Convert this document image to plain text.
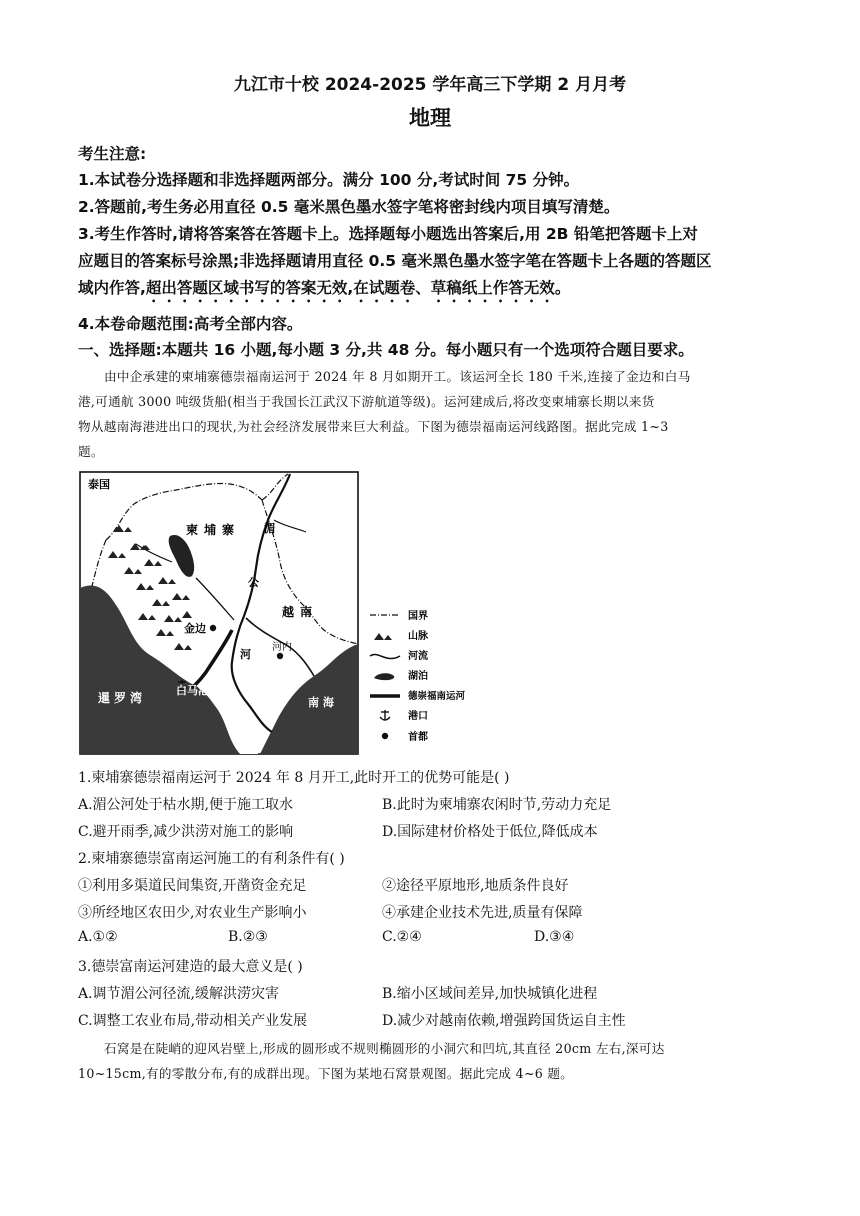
九江市十校 2024-2025 学年高三下学期 2 月月考
地理
考生注意:
1.本试卷分选择题和非选择题两部分。满分 100 分,考试时间 75 分钟。
2.答题前,考生务必用直径 0.5 毫米黑色墨水签字笔将密封线内项目填写清楚。
3.考生作答时,请将答案答在答题卡上。选择题每小题选出答案后,用 2B 铅笔把答题卡上对
应题目的答案标号涂黑;非选择题请用直径 0.5 毫米黑色墨水签字笔在答题卡上各题的答题区
域内作答,超出答题区域书写的答案无效,在试题卷、草稿纸上作答无效。
4.本卷命题范围:高考全部内容。
一、选择题:本题共 16 小题,每小题 3 分,共 48 分。每小题只有一个选项符合题目要求。
由中企承建的柬埔寨德崇福南运河于 2024 年 8 月如期开工。该运河全长 180 千米,连接了金边和白马
港,可通航 3000 吨级货船(相当于我国长江武汉下游航道等级)。运河建成后,将改变柬埔寨长期以来货
物从越南海港进出口的现状,为社会经济发展带来巨大利益。下图为德崇福南运河线路图。据此完成 1~3
题。
泰国
柬埔寨 湄
公
河
越南
金边
河内
白马港
暹罗湾	南 海
国界
山脉
河流
湖泊
德崇福南运河
港口
首都
1.柬埔寨德崇福南运河于 2024 年 8 月开工,此时开工的优势可能是( )
A.湄公河处于枯水期,便于施工取水	B.此时为柬埔寨农闲时节,劳动力充足
C.避开雨季,减少洪涝对施工的影响	D.国际建材价格处于低位,降低成本
2.柬埔寨德崇富南运河施工的有利条件有( )
①利用多渠道民间集资,开凿资金充足	②途径平原地形,地质条件良好
③所经地区农田少,对农业生产影响小	④承建企业技术先进,质量有保障
A.①②	B.②③	C.②④	D.③④
3.德崇富南运河建造的最大意义是( )
A.调节湄公河径流,缓解洪涝灾害	B.缩小区域间差异,加快城镇化进程
C.调整工农业布局,带动相关产业发展	D.减少对越南依赖,增强跨国货运自主性
石窝是在陡峭的迎风岩壁上,形成的圆形或不规则椭圆形的小洞穴和凹坑,其直径 20cm 左右,深可达
10~15cm,有的零散分布,有的成群出现。下图为某地石窝景观图。据此完成 4~6 题。
